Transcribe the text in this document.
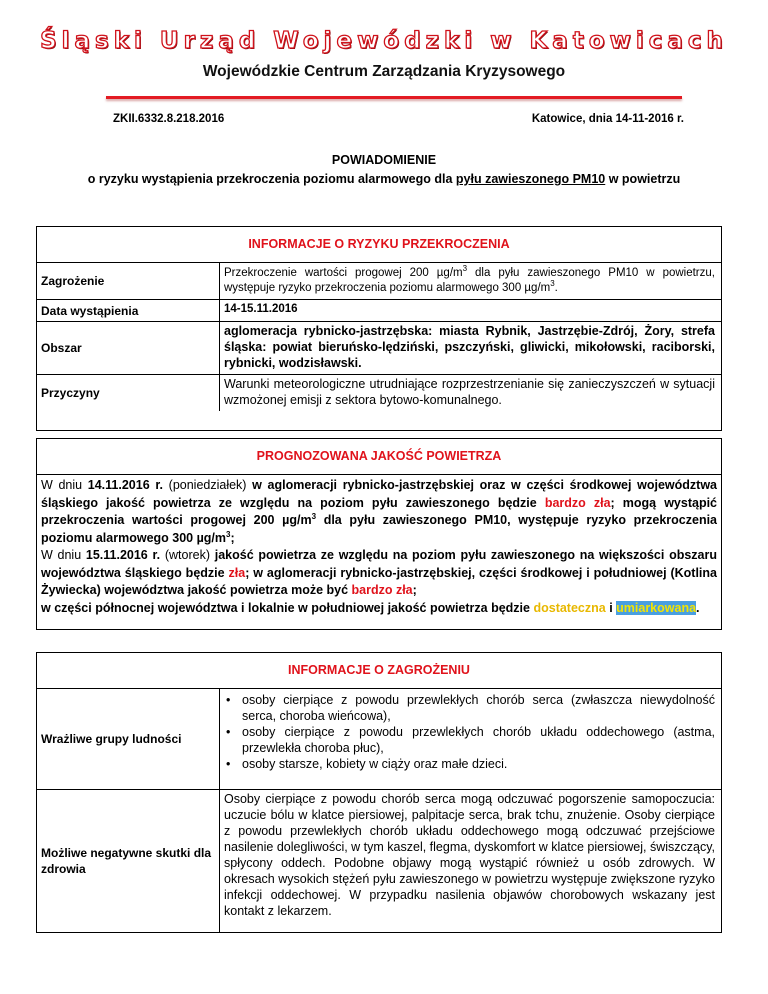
Śląski Urząd Wojewódzki w Katowicach
Wojewódzkie Centrum Zarządzania Kryzysowego
ZKII.6332.8.218.2016	Katowice, dnia 14-11-2016 r.
POWIADOMIENIE
o ryzyku wystąpienia przekroczenia poziomu alarmowego dla pyłu zawieszonego PM10 w powietrzu
INFORMACJE O RYZYKU PRZEKROCZENIA
Zagrożenie
Przekroczenie wartości progowej 200 $\mu g/m^3$ dla pyłu zawieszonego PM10 w powietrzu, występuje ryzyko przekroczenia poziomu alarmowego 300 $\mu g/m^3$.
Data wystąpienia	14-15.11.2016
Obszar
aglomeracja rybnicko-jastrzębska: miasta Rybnik, Jastrzębie-Zdrój, Żory, strefa śląska: powiat bieruńsko-lędziński, pszczyński, gliwicki, mikołowski, raciborski, rybnicki, wodzisławski.
Przyczyny
Warunki meteorologiczne utrudniające rozprzestrzenianie się zanieczyszczeń w sytuacji wzmożonej emisji z sektora bytowo-komunalnego.
PROGNOZOWANA JAKOŚĆ POWIETRZA
W dniu 14.11.2016 r. (poniedziałek) w aglomeracji rybnicko-jastrzębskiej oraz w części środkowej województwa śląskiego jakość powietrza ze względu na poziom pyłu zawieszonego będzie bardzo zła; mogą wystąpić przekroczenia wartości progowej 200 $\mu g/m^3$ dla pyłu zawieszonego PM10, występuje ryzyko przekroczenia poziomu alarmowego 300 $\mu g/m^3$;
W dniu 15.11.2016 r. (wtorek) jakość powietrza ze względu na poziom pyłu zawieszonego na większości obszaru województwa śląskiego będzie zła; w aglomeracji rybnicko-jastrzębskiej, części środkowej i południowej (Kotlina Żywiecka) województwa jakość powietrza może być bardzo zła;
w części północnej województwa i lokalnie w południowej jakość powietrza będzie dostateczna i umiarkowana.
INFORMACJE O ZAGROŻENIU
Wrażliwe grupy ludności
• osoby cierpiące z powodu przewlekłych chorób serca (zwłaszcza niewydolność serca, choroba wieńcowa),
• osoby cierpiące z powodu przewlekłych chorób układu oddechowego (astma, przewlekła choroba płuc),
• osoby starsze, kobiety w ciąży oraz małe dzieci.
Możliwe negatywne skutki dla zdrowia
Osoby cierpiące z powodu chorób serca mogą odczuwać pogorszenie samopoczucia: uczucie bólu w klatce piersiowej, palpitacje serca, brak tchu, znużenie. Osoby cierpiące z powodu przewlekłych chorób układu oddechowego mogą odczuwać przejściowe nasilenie dolegliwości, w tym kaszel, flegma, dyskomfort w klatce piersiowej, świszczący, spłycony oddech. Podobne objawy mogą wystąpić również u osób zdrowych. W okresach wysokich stężeń pyłu zawieszonego w powietrzu występuje zwiększone ryzyko infekcji oddechowej. W przypadku nasilenia objawów chorobowych wskazany jest kontakt z lekarzem.
